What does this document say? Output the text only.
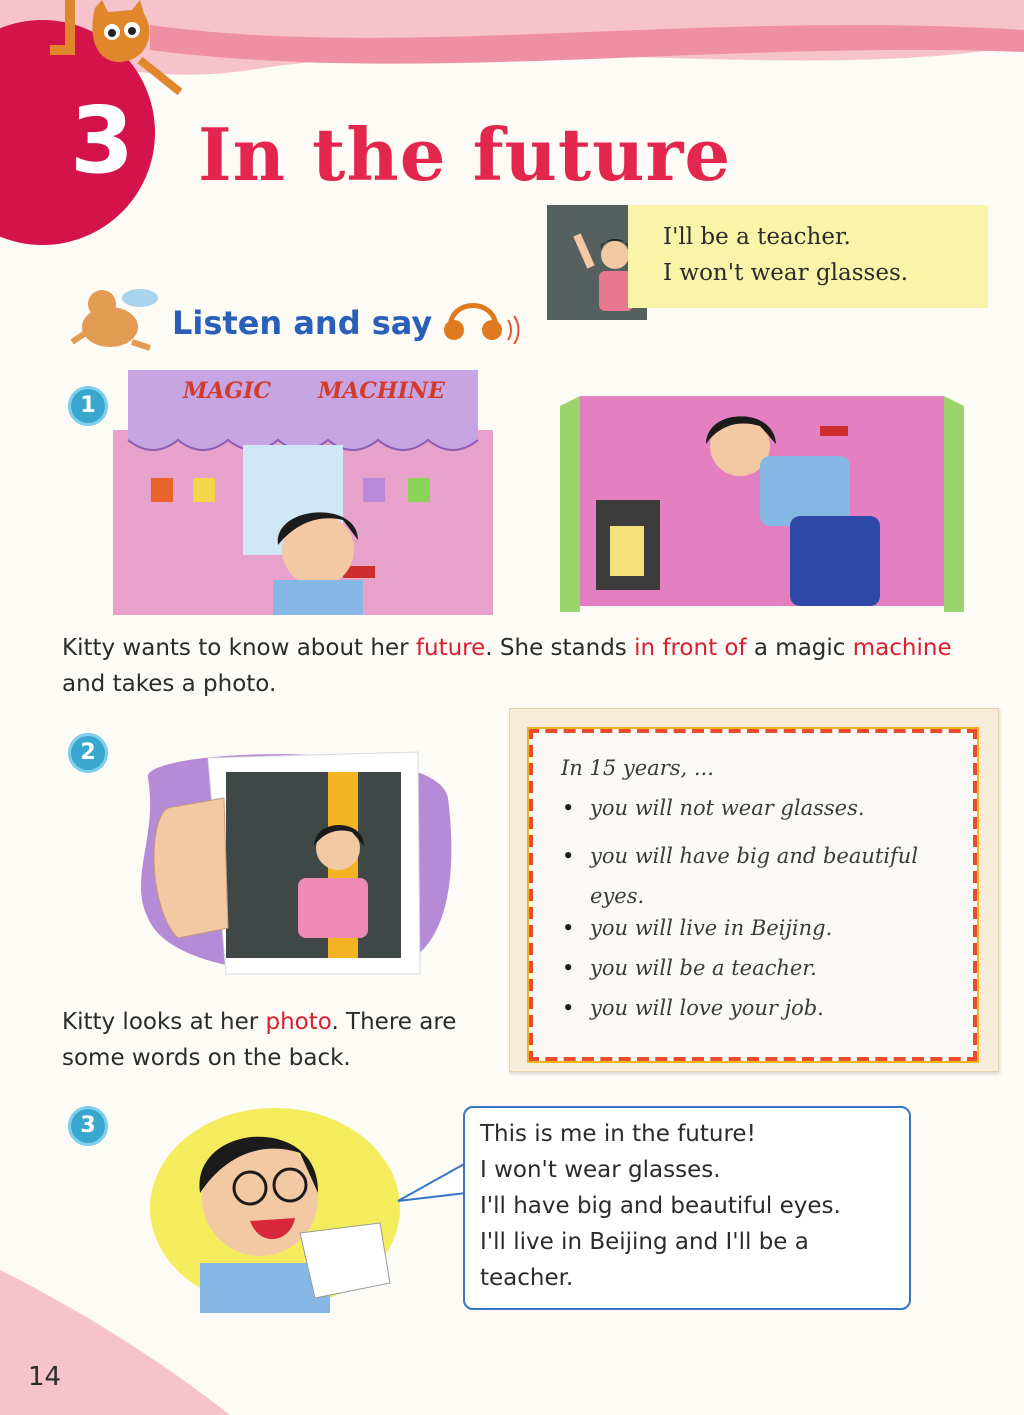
3 In the future
I'll be a teacher.
I won't wear glasses.
Listen and say
1
2
3
MAGIC MACHINE
Kitty wants to know about her future. She stands in front of a magic machine and takes a photo.
Kitty looks at her photo. There are some words on the back.
In 15 years, ...
• you will not wear glasses.
• you will have big and beautiful eyes.
• you will live in Beijing.
• you will be a teacher.
• you will love your job.
This is me in the future!
I won't wear glasses.
I'll have big and beautiful eyes.
I'll live in Beijing and I'll be a
teacher.
14
